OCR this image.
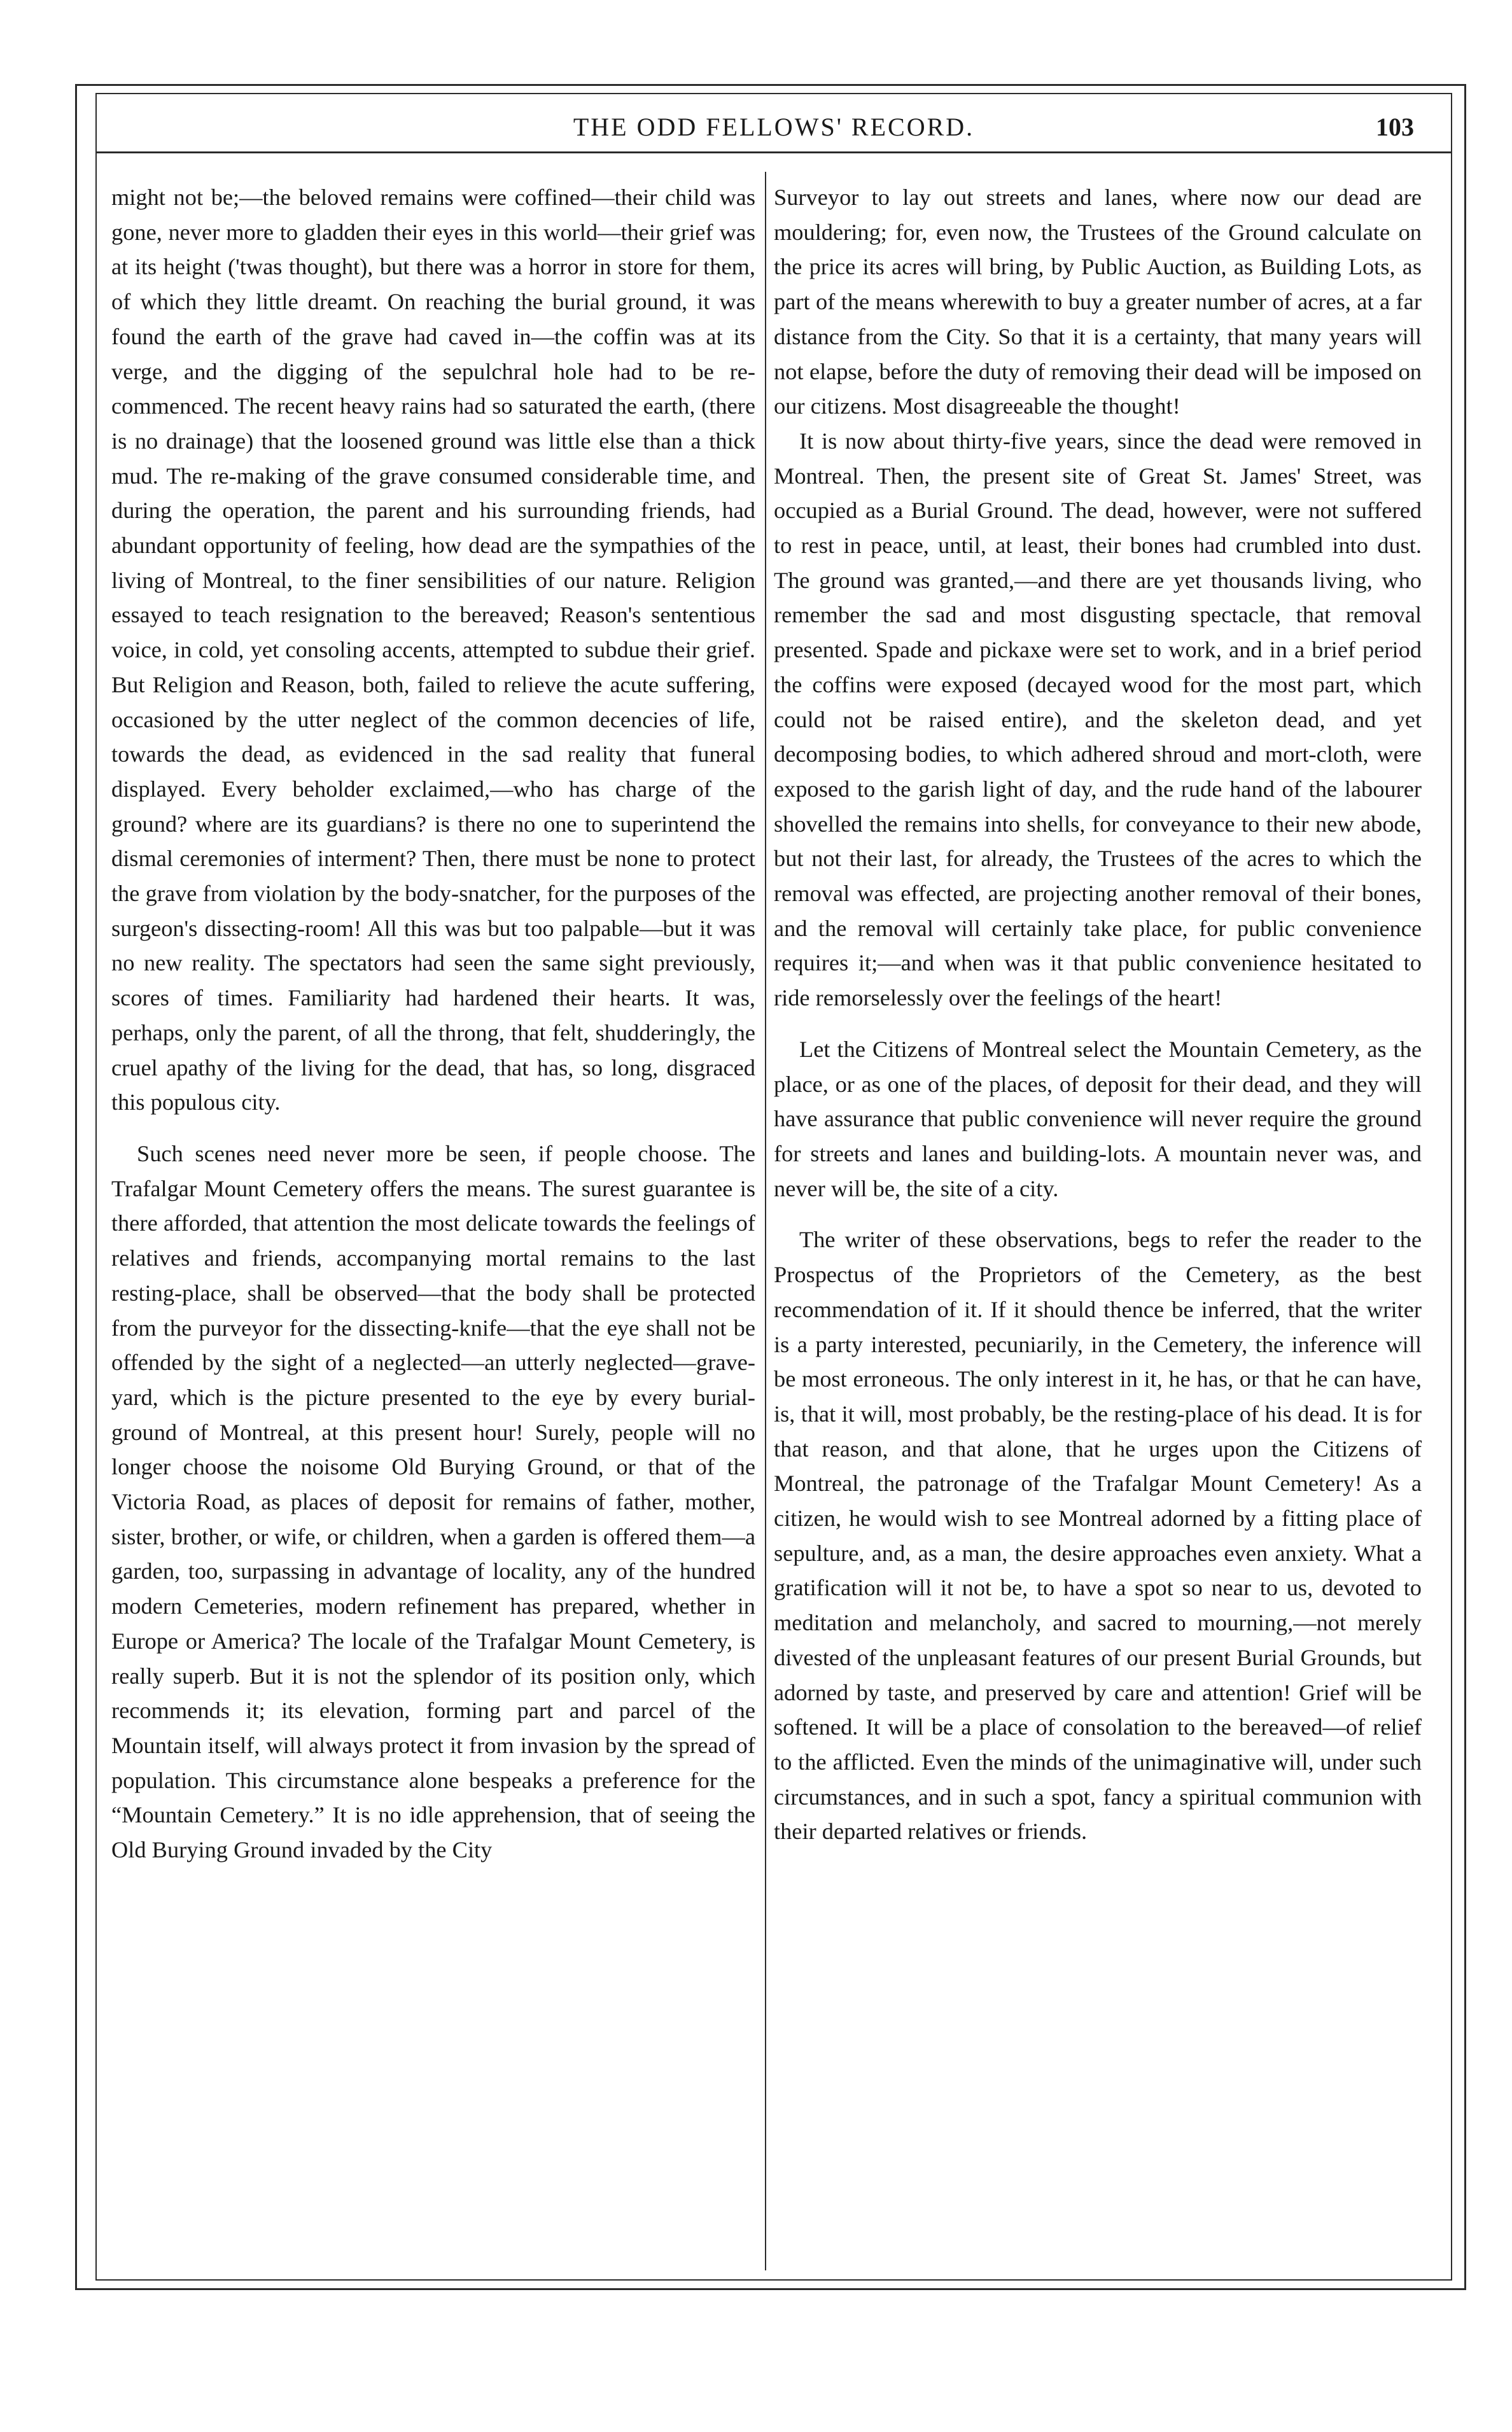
THE ODD FELLOWS' RECORD.	103

might not be;—the beloved remains were coffined—their child was gone, never more to gladden their eyes in this world—their grief was at its height ('twas thought), but there was a horror in store for them, of which they little dreamt. On reaching the burial ground, it was found the earth of the grave had caved in—the coffin was at its verge, and the digging of the sepulchral hole had to be re-commenced. The recent heavy rains had so saturated the earth, (there is no drainage) that the loosened ground was little else than a thick mud. The re-making of the grave consumed considerable time, and during the operation, the parent and his surrounding friends, had abundant opportunity of feeling, how dead are the sympathies of the living of Montreal, to the finer sensibilities of our nature. Religion essayed to teach resignation to the bereaved; Reason's sententious voice, in cold, yet consoling accents, attempted to subdue their grief. But Religion and Reason, both, failed to relieve the acute suffering, occasioned by the utter neglect of the common decencies of life, towards the dead, as evidenced in the sad reality that funeral displayed. Every beholder exclaimed,—who has charge of the ground? where are its guardians? is there no one to superintend the dismal ceremonies of interment? Then, there must be none to protect the grave from violation by the body-snatcher, for the purposes of the surgeon's dissecting-room! All this was but too palpable—but it was no new reality. The spectators had seen the same sight previously, scores of times. Familiarity had hardened their hearts. It was, perhaps, only the parent, of all the throng, that felt, shudderingly, the cruel apathy of the living for the dead, that has, so long, disgraced this populous city.

Such scenes need never more be seen, if people choose. The Trafalgar Mount Cemetery offers the means. The surest guarantee is there afforded, that attention the most delicate towards the feelings of relatives and friends, accompanying mortal remains to the last resting-place, shall be observed—that the body shall be protected from the purveyor for the dissecting-knife—that the eye shall not be offended by the sight of a neglected—an utterly neglected—grave-yard, which is the picture presented to the eye by every burial-ground of Montreal, at this present hour! Surely, people will no longer choose the noisome Old Burying Ground, or that of the Victoria Road, as places of deposit for remains of father, mother, sister, brother, or wife, or children, when a garden is offered them—a garden, too, surpassing in advantage of locality, any of the hundred modern Cemeteries, modern refinement has prepared, whether in Europe or America? The locale of the Trafalgar Mount Cemetery, is really superb. But it is not the splendor of its position only, which recommends it; its elevation, forming part and parcel of the Mountain itself, will always protect it from invasion by the spread of population. This circumstance alone bespeaks a preference for the “Mountain Cemetery.” It is no idle apprehension, that of seeing the Old Burying Ground invaded by the City

Surveyor to lay out streets and lanes, where now our dead are mouldering; for, even now, the Trustees of the Ground calculate on the price its acres will bring, by Public Auction, as Building Lots, as part of the means wherewith to buy a greater number of acres, at a far distance from the City. So that it is a certainty, that many years will not elapse, before the duty of removing their dead will be imposed on our citizens. Most disagreeable the thought!

It is now about thirty-five years, since the dead were removed in Montreal. Then, the present site of Great St. James' Street, was occupied as a Burial Ground. The dead, however, were not suffered to rest in peace, until, at least, their bones had crumbled into dust. The ground was granted,—and there are yet thousands living, who remember the sad and most disgusting spectacle, that removal presented. Spade and pickaxe were set to work, and in a brief period the coffins were exposed (decayed wood for the most part, which could not be raised entire), and the skeleton dead, and yet decomposing bodies, to which adhered shroud and mort-cloth, were exposed to the garish light of day, and the rude hand of the labourer shovelled the remains into shells, for conveyance to their new abode, but not their last, for already, the Trustees of the acres to which the removal was effected, are projecting another removal of their bones, and the removal will certainly take place, for public convenience requires it;—and when was it that public convenience hesitated to ride remorselessly over the feelings of the heart!

Let the Citizens of Montreal select the Mountain Cemetery, as the place, or as one of the places, of deposit for their dead, and they will have assurance that public convenience will never require the ground for streets and lanes and building-lots. A mountain never was, and never will be, the site of a city.

The writer of these observations, begs to refer the reader to the Prospectus of the Proprietors of the Cemetery, as the best recommendation of it. If it should thence be inferred, that the writer is a party interested, pecuniarily, in the Cemetery, the inference will be most erroneous. The only interest in it, he has, or that he can have, is, that it will, most probably, be the resting-place of his dead. It is for that reason, and that alone, that he urges upon the Citizens of Montreal, the patronage of the Trafalgar Mount Cemetery! As a citizen, he would wish to see Montreal adorned by a fitting place of sepulture, and, as a man, the desire approaches even anxiety. What a gratification will it not be, to have a spot so near to us, devoted to meditation and melancholy, and sacred to mourning,—not merely divested of the unpleasant features of our present Burial Grounds, but adorned by taste, and preserved by care and attention! Grief will be softened. It will be a place of consolation to the bereaved—of relief to the afflicted. Even the minds of the unimaginative will, under such circumstances, and in such a spot, fancy a spiritual communion with their departed relatives or friends.
